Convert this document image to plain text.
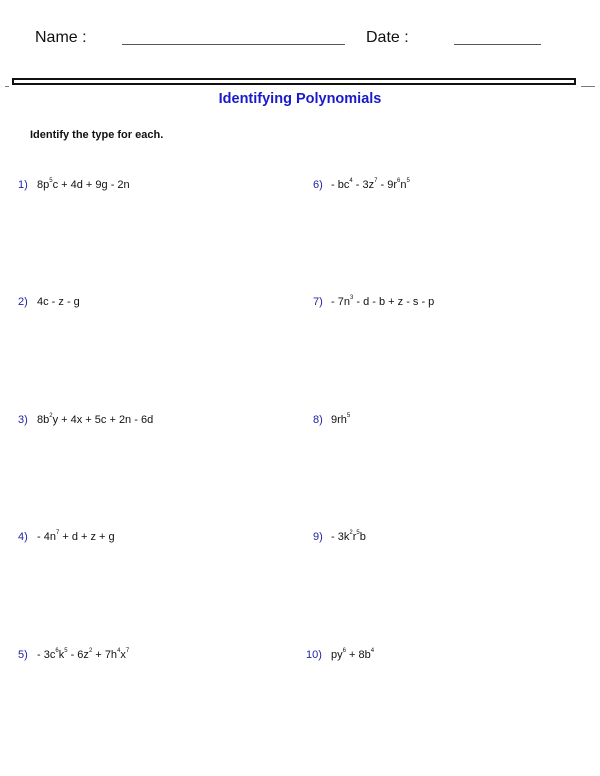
Name :	Date :
Identifying Polynomials
Identify the type for each.
1) $8p^5c + 4d + 9g - 2n$
2) 4c - z - g
3) $8b^2y + 4x + 5c + 2n - 6d$
$4) - 4n^7 + d + z + g$
$5) - 3c^6k^5 - 6z^2 + 7h^4x^7$
$6) - bc^4 - 3z^7 - 9r^6n^5$
$7) - 7n^3 - d - b + z - s - p$
8) $9rh^5$
$9) - 3k^2r^5b$
10) $py^6 + 8b^4$
